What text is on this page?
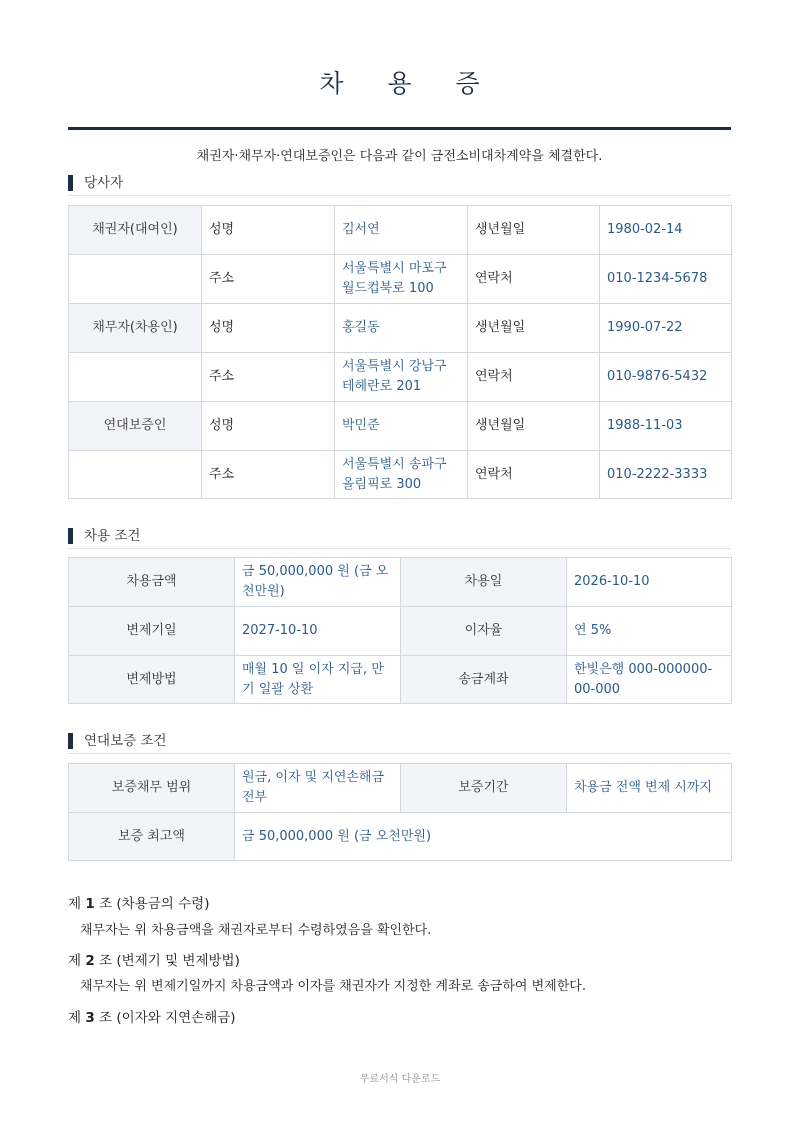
차 용 증
채권자·채무자·연대보증인은 다음과 같이 금전소비대차계약을 체결한다.
당사자
채권자(대여인)	성명	김서연	생년월일	1980-02-14
	주소	서울특별시 마포구 월드컵북로 100	연락처	010-1234-5678
채무자(차용인)	성명	홍길동	생년월일	1990-07-22
	주소	서울특별시 강남구 테헤란로 201	연락처	010-9876-5432
연대보증인	성명	박민준	생년월일	1988-11-03
	주소	서울특별시 송파구 올림픽로 300	연락처	010-2222-3333
차용 조건
차용금액	금 50,000,000 원 (금 오천만원)	차용일	2026-10-10
변제기일	2027-10-10	이자율	연 5%
변제방법	매월 10 일 이자 지급, 만기 일괄 상환	송금계좌	한빛은행 000-000000-00-000
연대보증 조건
보증채무 범위	원금, 이자 및 지연손해금 전부	보증기간	차용금 전액 변제 시까지
보증 최고액	금 50,000,000 원 (금 오천만원)		
제 1 조 (차용금의 수령)
채무자는 위 차용금액을 채권자로부터 수령하였음을 확인한다.
제 2 조 (변제기 및 변제방법)
채무자는 위 변제기일까지 차용금액과 이자를 채권자가 지정한 계좌로 송금하여 변제한다.
제 3 조 (이자와 지연손해금)
무료서식 다운로드
